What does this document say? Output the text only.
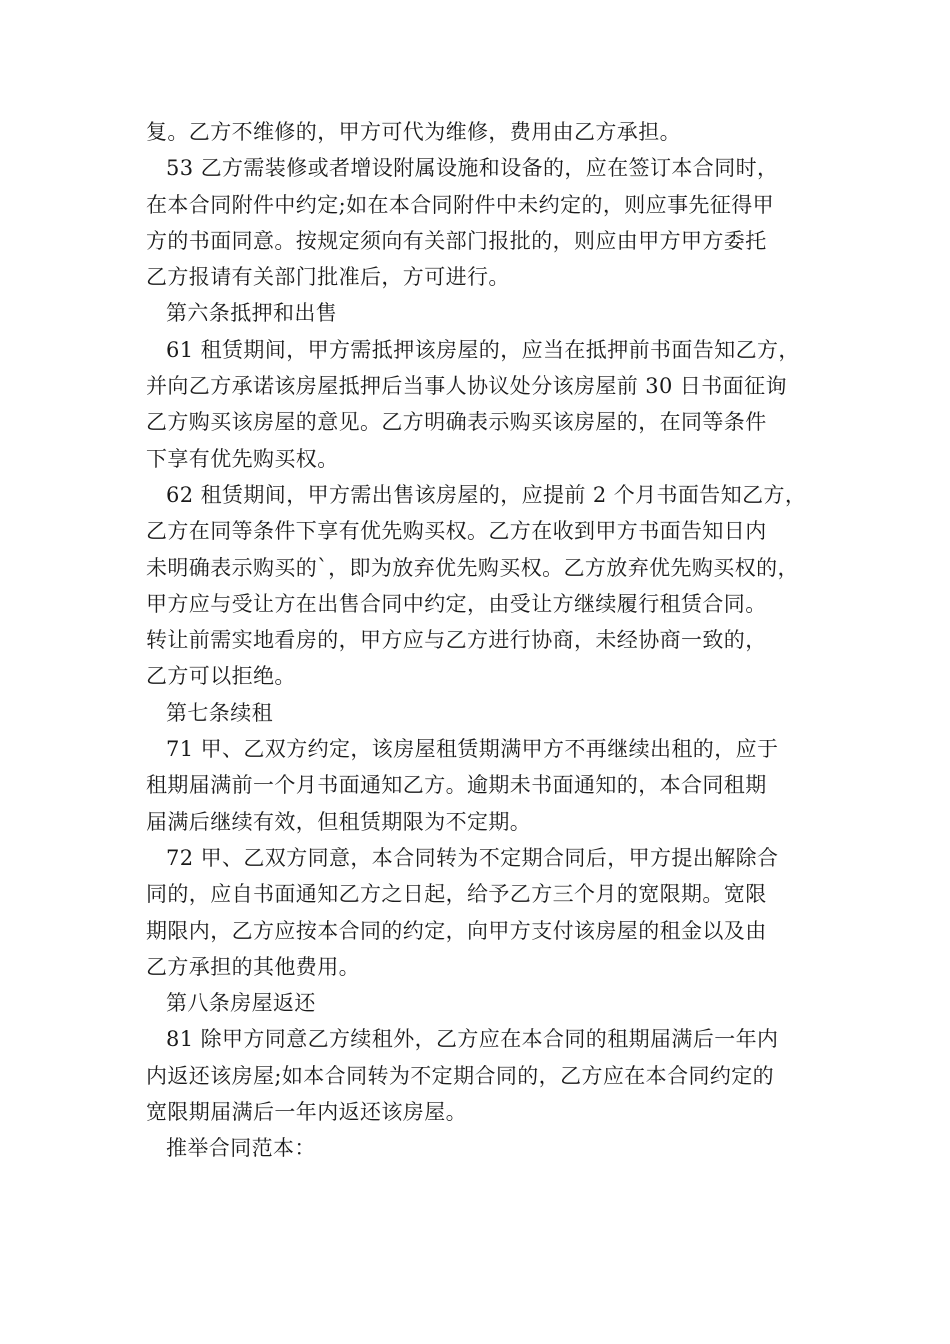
复。乙方不维修的，甲方可代为维修，费用由乙方承担。
53 乙方需装修或者增设附属设施和设备的，应在签订本合同时，
在本合同附件中约定;如在本合同附件中未约定的，则应事先征得甲
方的书面同意。按规定须向有关部门报批的，则应由甲方甲方委托
乙方报请有关部门批准后，方可进行。
第六条抵押和出售
61 租赁期间，甲方需抵押该房屋的，应当在抵押前书面告知乙方，
并向乙方承诺该房屋抵押后当事人协议处分该房屋前 30 日书面征询
乙方购买该房屋的意见。乙方明确表示购买该房屋的，在同等条件
下享有优先购买权。
62 租赁期间，甲方需出售该房屋的，应提前 2 个月书面告知乙方，
乙方在同等条件下享有优先购买权。乙方在收到甲方书面告知日内
未明确表示购买的`，即为放弃优先购买权。乙方放弃优先购买权的，
甲方应与受让方在出售合同中约定，由受让方继续履行租赁合同。
转让前需实地看房的，甲方应与乙方进行协商，未经协商一致的，
乙方可以拒绝。
第七条续租
71 甲、乙双方约定，该房屋租赁期满甲方不再继续出租的，应于
租期届满前一个月书面通知乙方。逾期未书面通知的，本合同租期
届满后继续有效，但租赁期限为不定期。
72 甲、乙双方同意，本合同转为不定期合同后，甲方提出解除合
同的，应自书面通知乙方之日起，给予乙方三个月的宽限期。宽限
期限内，乙方应按本合同的约定，向甲方支付该房屋的租金以及由
乙方承担的其他费用。
第八条房屋返还
81 除甲方同意乙方续租外，乙方应在本合同的租期届满后一年内
内返还该房屋;如本合同转为不定期合同的，乙方应在本合同约定的
宽限期届满后一年内返还该房屋。
推举合同范本：
